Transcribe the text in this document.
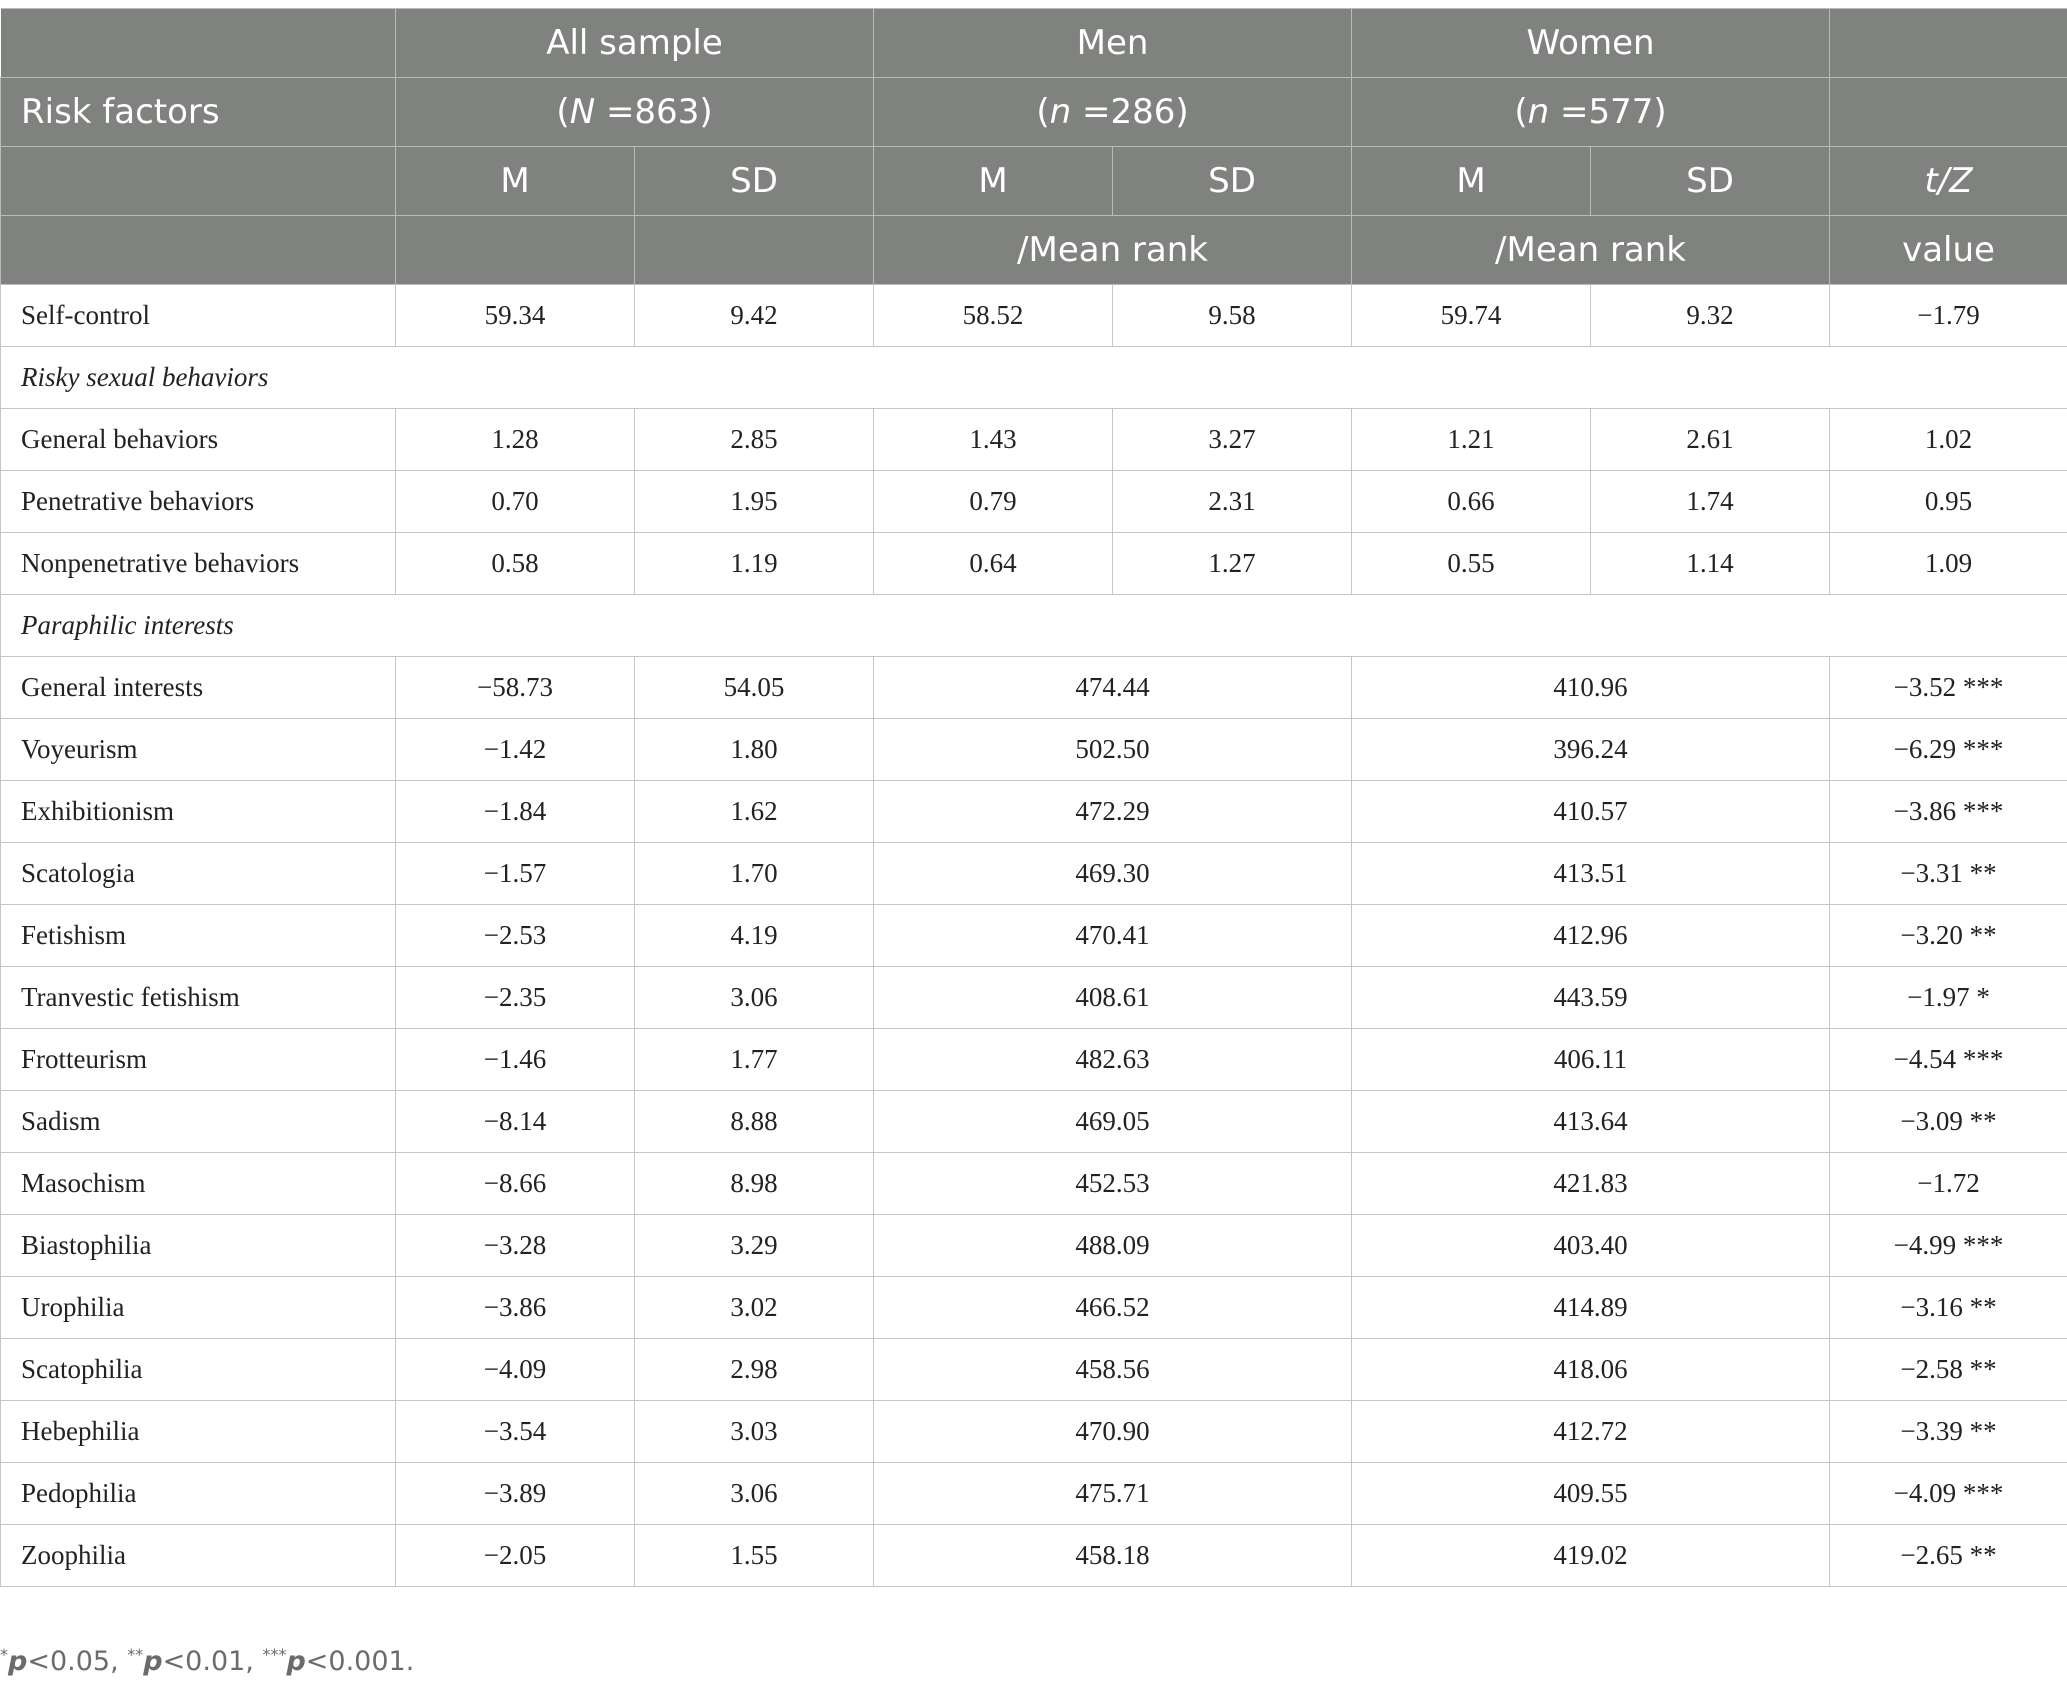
	All sample		Men		Women		
Risk factors	(N =863)		(n =286)		(n =577)		
	M	SD	M	SD	M	SD	t/Z
			/Mean rank		/Mean rank		value
Self-control	59.34	9.42	58.52	9.58	59.74	9.32	−1.79
Risky sexual behaviors							
General behaviors	1.28	2.85	1.43	3.27	1.21	2.61	1.02
Penetrative behaviors	0.70	1.95	0.79	2.31	0.66	1.74	0.95
Nonpenetrative behaviors	0.58	1.19	0.64	1.27	0.55	1.14	1.09
Paraphilic interests							
General interests	−58.73	54.05	474.44		410.96		−3.52 ***
Voyeurism	−1.42	1.80	502.50		396.24		−6.29 ***
Exhibitionism	−1.84	1.62	472.29		410.57		−3.86 ***
Scatologia	−1.57	1.70	469.30		413.51		−3.31 **
Fetishism	−2.53	4.19	470.41		412.96		−3.20 **
Tranvestic fetishism	−2.35	3.06	408.61		443.59		−1.97 *
Frotteurism	−1.46	1.77	482.63		406.11		−4.54 ***
Sadism	−8.14	8.88	469.05		413.64		−3.09 **
Masochism	−8.66	8.98	452.53		421.83		−1.72
Biastophilia	−3.28	3.29	488.09		403.40		−4.99 ***
Urophilia	−3.86	3.02	466.52		414.89		−3.16 **
Scatophilia	−4.09	2.98	458.56		418.06		−2.58 **
Hebephilia	−3.54	3.03	470.90		412.72		−3.39 **
Pedophilia	−3.89	3.06	475.71		409.55		−4.09 ***
Zoophilia	−2.05	1.55	458.18		419.02		−2.65 **
*p<0.05, **p<0.01, ***p<0.001.
